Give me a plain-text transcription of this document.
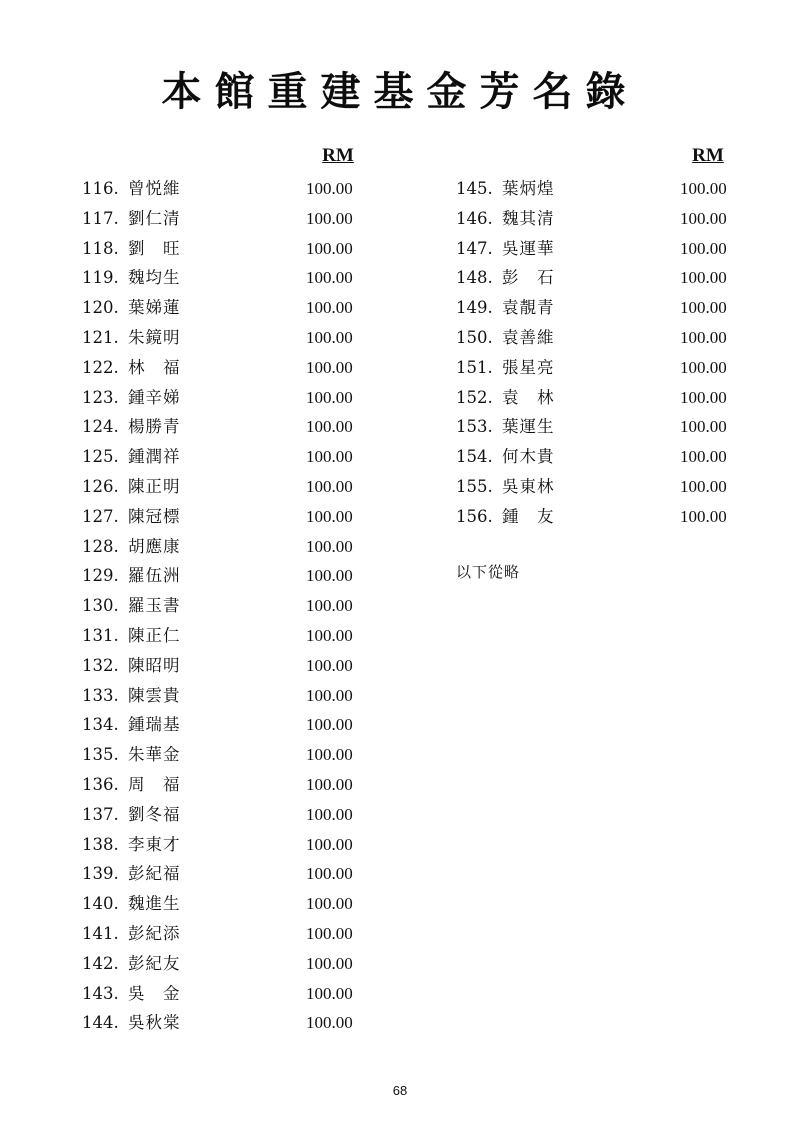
本館重建基金芳名錄
RM
116. 曾悦維	100.00
117. 劉仁清	100.00
118. 劉　旺	100.00
119. 魏均生	100.00
120. 葉娣蓮	100.00
121. 朱鏡明	100.00
122. 林　福	100.00
123. 鍾辛娣	100.00
124. 楊勝青	100.00
125. 鍾潤祥	100.00
126. 陳正明	100.00
127. 陳冠標	100.00
128. 胡應康	100.00
129. 羅伍洲	100.00
130. 羅玉書	100.00
131. 陳正仁	100.00
132. 陳昭明	100.00
133. 陳雲貴	100.00
134. 鍾瑞基	100.00
135. 朱華金	100.00
136. 周　福	100.00
137. 劉冬福	100.00
138. 李東才	100.00
139. 彭紀福	100.00
140. 魏進生	100.00
141. 彭紀添	100.00
142. 彭紀友	100.00
143. 吳　金	100.00
144. 吳秋棠	100.00
RM
145. 葉炳煌	100.00
146. 魏其清	100.00
147. 吳運華	100.00
148. 彭　石	100.00
149. 袁靚青	100.00
150. 袁善維	100.00
151. 張星亮	100.00
152. 袁　林	100.00
153. 葉運生	100.00
154. 何木貴	100.00
155. 吳東林	100.00
156. 鍾　友	100.00
以下從略
68
